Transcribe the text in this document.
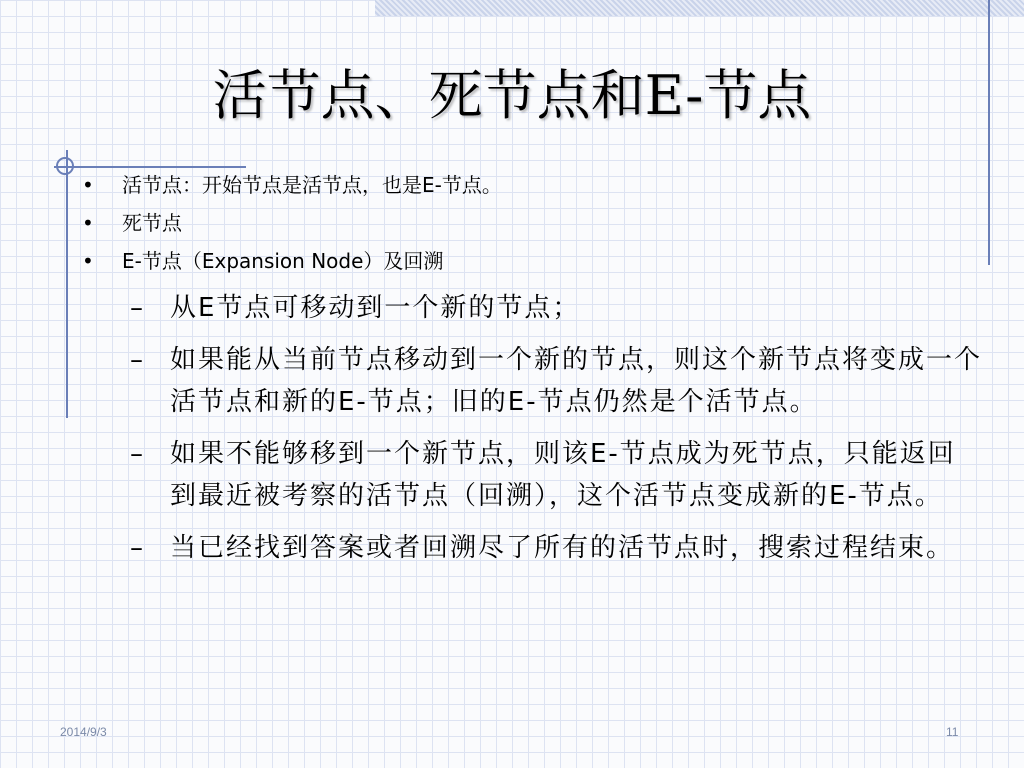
活节点、死节点和E-节点
• 活节点：开始节点是活节点，也是E-节点。
• 死节点
• E-节点（Expansion Node）及回溯
– 从E节点可移动到一个新的节点；
– 如果能从当前节点移动到一个新的节点，则这个新节点将变成一个活节点和新的E-节点；旧的E-节点仍然是个活节点。
– 如果不能够移到一个新节点，则该E-节点成为死节点，只能返回到最近被考察的活节点（回溯），这个活节点变成新的E-节点。
– 当已经找到答案或者回溯尽了所有的活节点时，搜索过程结束。
2014/9/3	11
